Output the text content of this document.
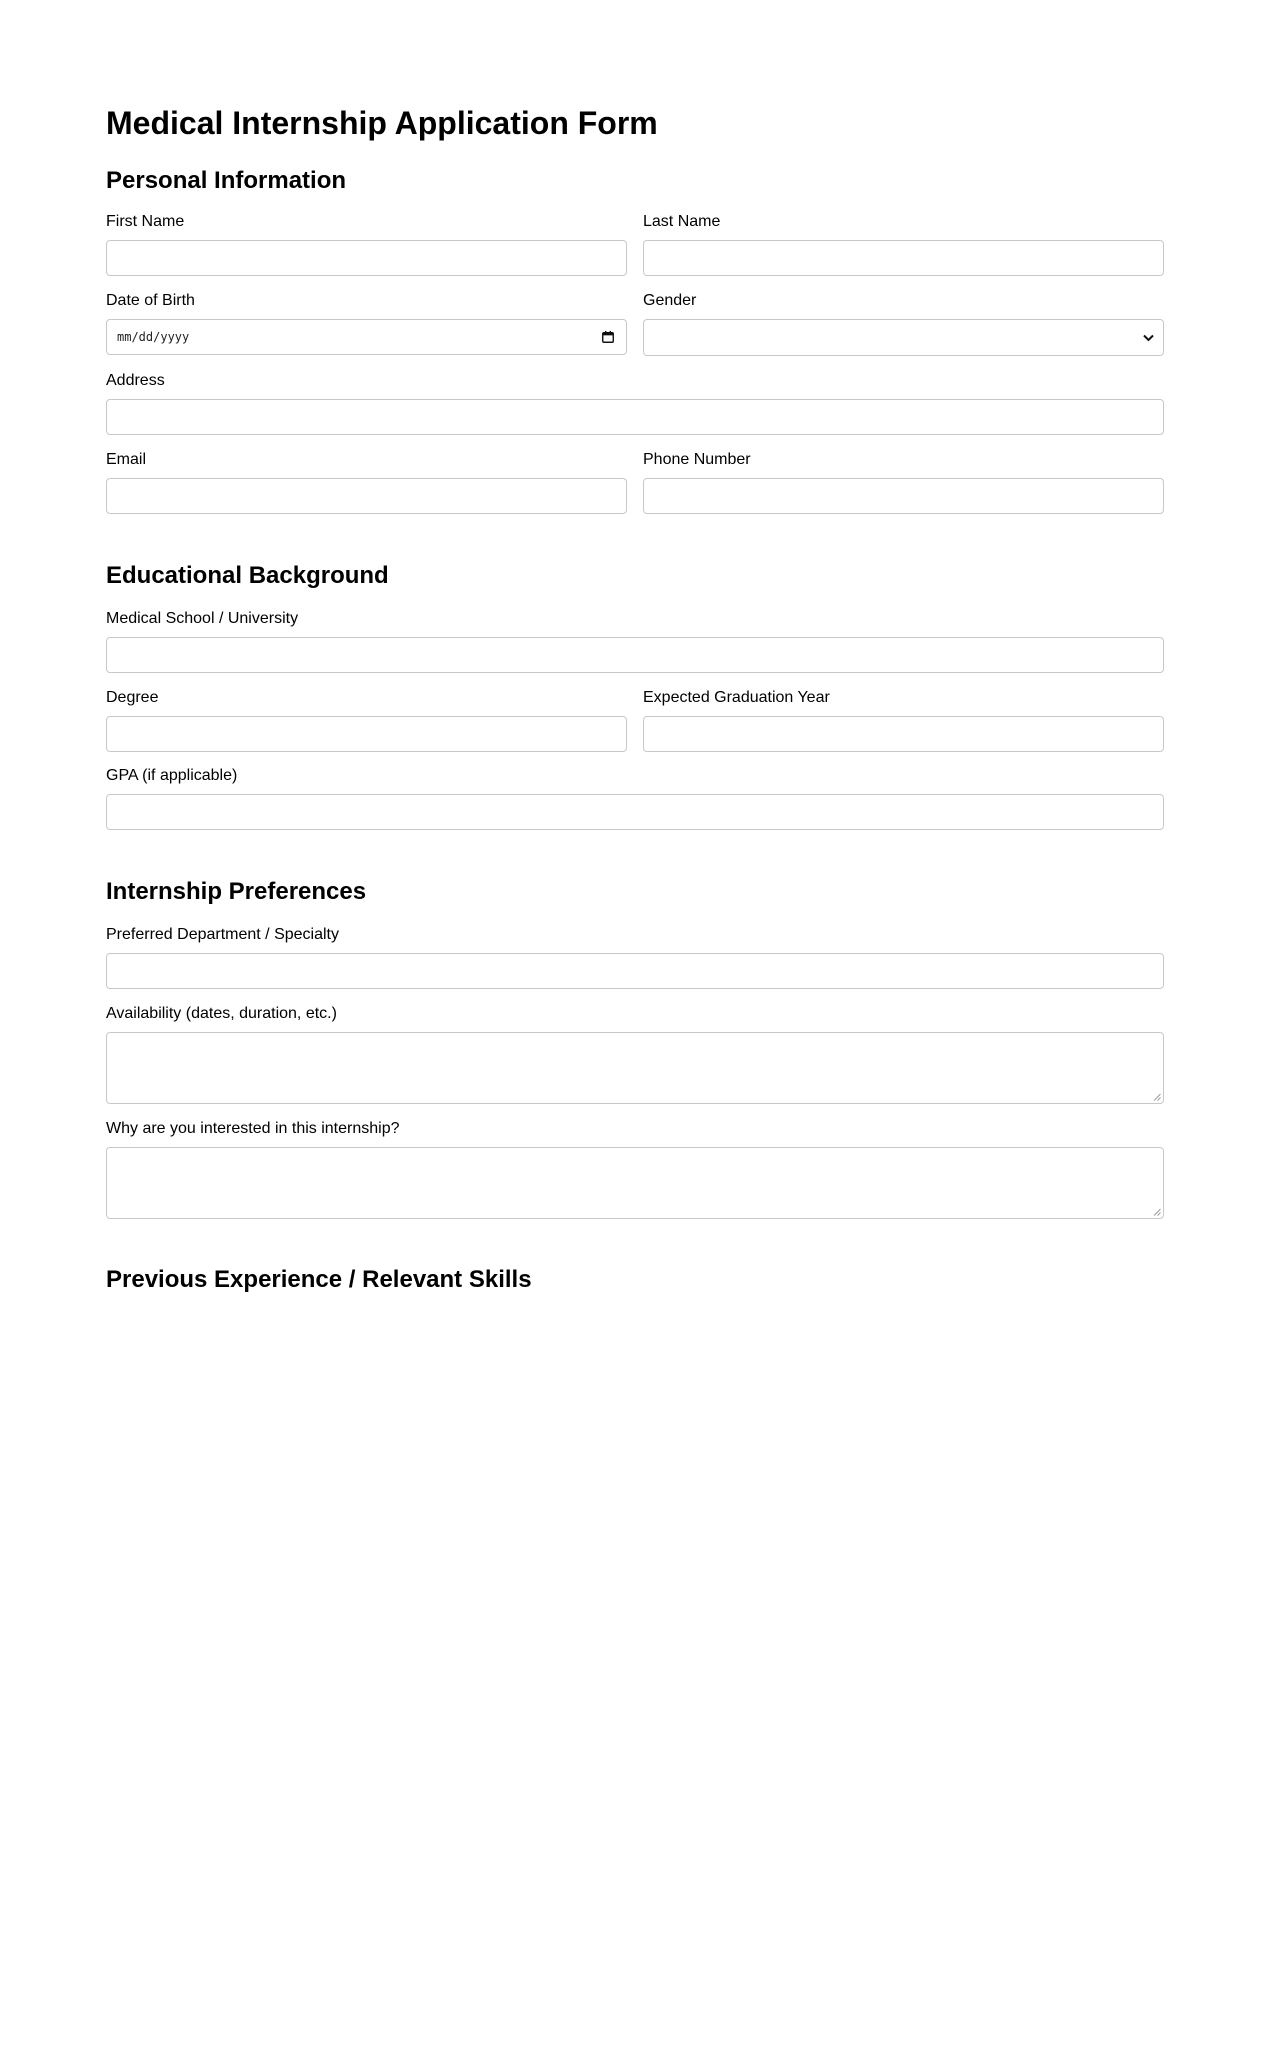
Medical Internship Application Form
Personal Information
First Name	Last Name
Date of Birth
mm/dd/yyyy
Gender
Address
Email	Phone Number
Educational Background
Medical School / University
Degree	Expected Graduation Year
GPA (if applicable)
Internship Preferences
Preferred Department / Specialty
Availability (dates, duration, etc.)
Why are you interested in this internship?
Previous Experience / Relevant Skills
